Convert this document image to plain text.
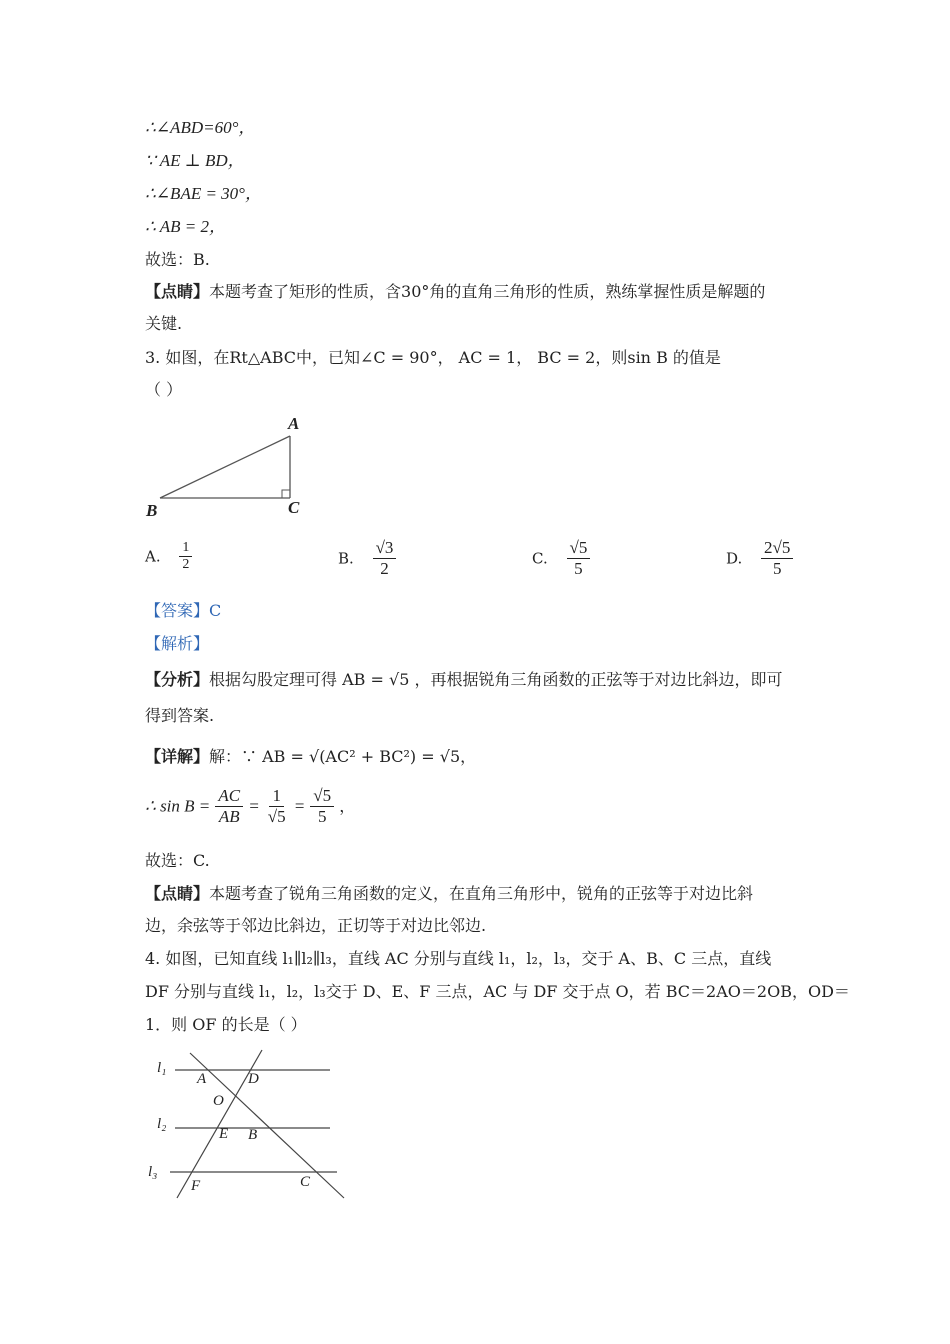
∴∠ABD=60°，
∵ AE ⊥ BD，
∴∠BAE = 30°，
∴ AB = 2，
故选：B.
【点睛】本题考查了矩形的性质，含30°角的直角三角形的性质，熟练掌握性质是解题的
关键.
3. 如图，在Rt△ABC中，已知∠C = 90°， AC = 1， BC = 2，则sin B 的值是
（ ）
A
B	C
A. $\frac{1}{2}$	B. $\frac{√3}{2}$	C. $\frac{√5}{5}$	D. $\frac{2√5}{5}$
【答案】C
【解析】
【分析】根据勾股定理可得 AB = √5 ，再根据锐角三角函数的正弦等于对边比斜边，即可
得到答案.
【详解】解：∵ AB = √(AC² + BC²) = √5，
∴ $\sin B = \frac{AC}{AB} = \frac{1}{√5} = \frac{√5}{5}$ ，
故选：C.
【点睛】本题考查了锐角三角函数的定义，在直角三角形中，锐角的正弦等于对边比斜
边，余弦等于邻边比斜边，正切等于对边比邻边.
4. 如图，已知直线 l₁∥l₂∥l₃，直线 AC 分别与直线 l₁，l₂，l₃，交于 A、B、C 三点，直线
DF 分别与直线 l₁，l₂，l₃交于 D、E、F 三点，AC 与 DF 交于点 O，若 BC＝2AO＝2OB，OD＝
1．则 OF 的长是（ ）
l₁
l₂
l₃
A	D
O
E B
F	C
